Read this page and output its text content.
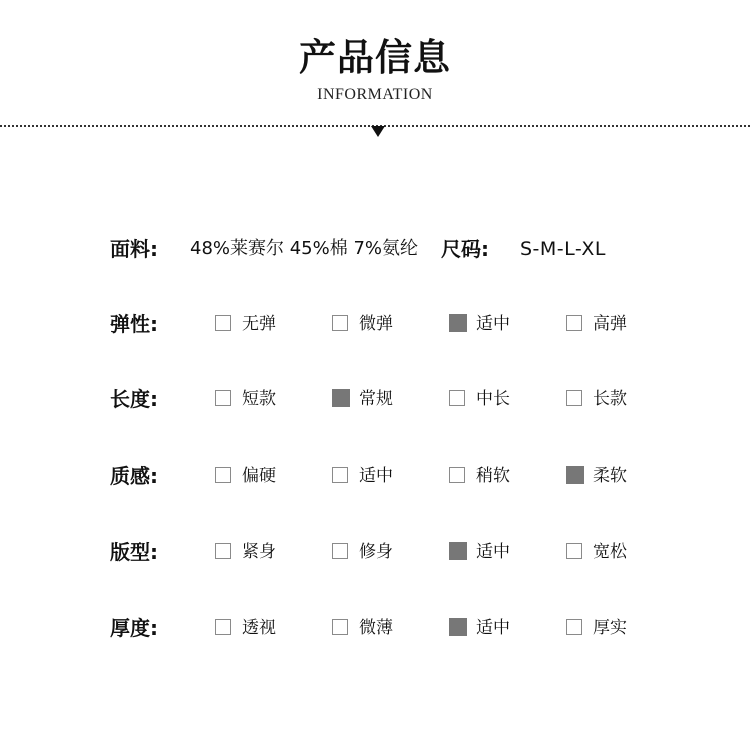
产品信息
INFORMATION
面料: 48%莱赛尔 45%棉 7%氨纶 尺码: S-M-L-XL
弹性:	无弹	微弹	适中	高弹
长度:	短款	常规	中长	长款
质感:	偏硬	适中	稍软	柔软
版型:	紧身	修身	适中	宽松
厚度:	透视	微薄	适中	厚实
